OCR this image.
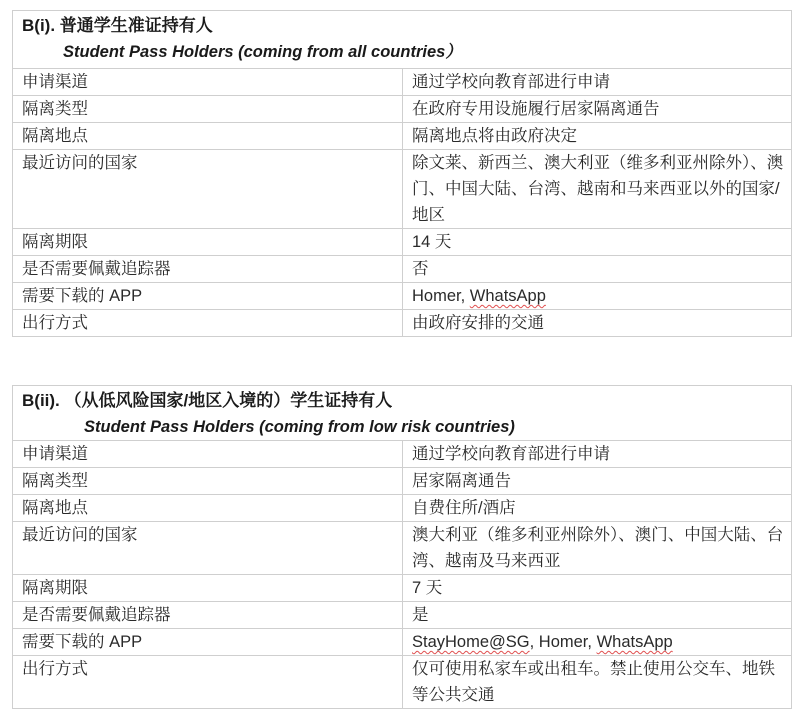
B(i). 普通学生准证持有人
Student Pass Holders (coming from all countries）	

申请渠道	通过学校向教育部进行申请
隔离类型	在政府专用设施履行居家隔离通告
隔离地点	隔离地点将由政府决定
最近访问的国家	除文莱、新西兰、澳大利亚（维多利亚州除外）、澳门、中国大陆、台湾、越南和马来西亚以外的国家/地区
隔离期限	14 天
是否需要佩戴追踪器	否
需要下载的 APP	Homer, WhatsApp
出行方式	由政府安排的交通
B(ii). （从低风险国家/地区入境的）学生证持有人
Student Pass Holders (coming from low risk countries)	

申请渠道	通过学校向教育部进行申请
隔离类型	居家隔离通告
隔离地点	自费住所/酒店
最近访问的国家	澳大利亚（维多利亚州除外）、澳门、中国大陆、台湾、越南及马来西亚
隔离期限	7 天
是否需要佩戴追踪器	是
需要下载的 APP	StayHome@SG, Homer, WhatsApp
出行方式	仅可使用私家车或出租车。禁止使用公交车、地铁等公共交通
